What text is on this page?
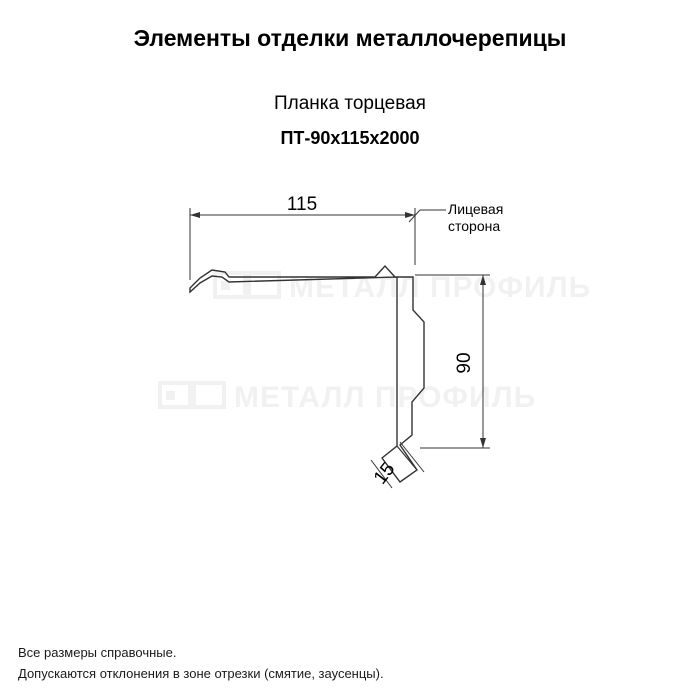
Элементы отделки металлочерепицы

Планка торцевая

ПТ-90х115х2000

МЕТАЛЛ ПРОФИЛЬ
МЕТАЛЛ ПРОФИЛЬ
115
90
15
Лицевая
сторона

Все размеры справочные.

Допускаются отклонения в зоне отрезки (смятие, заусенцы).
